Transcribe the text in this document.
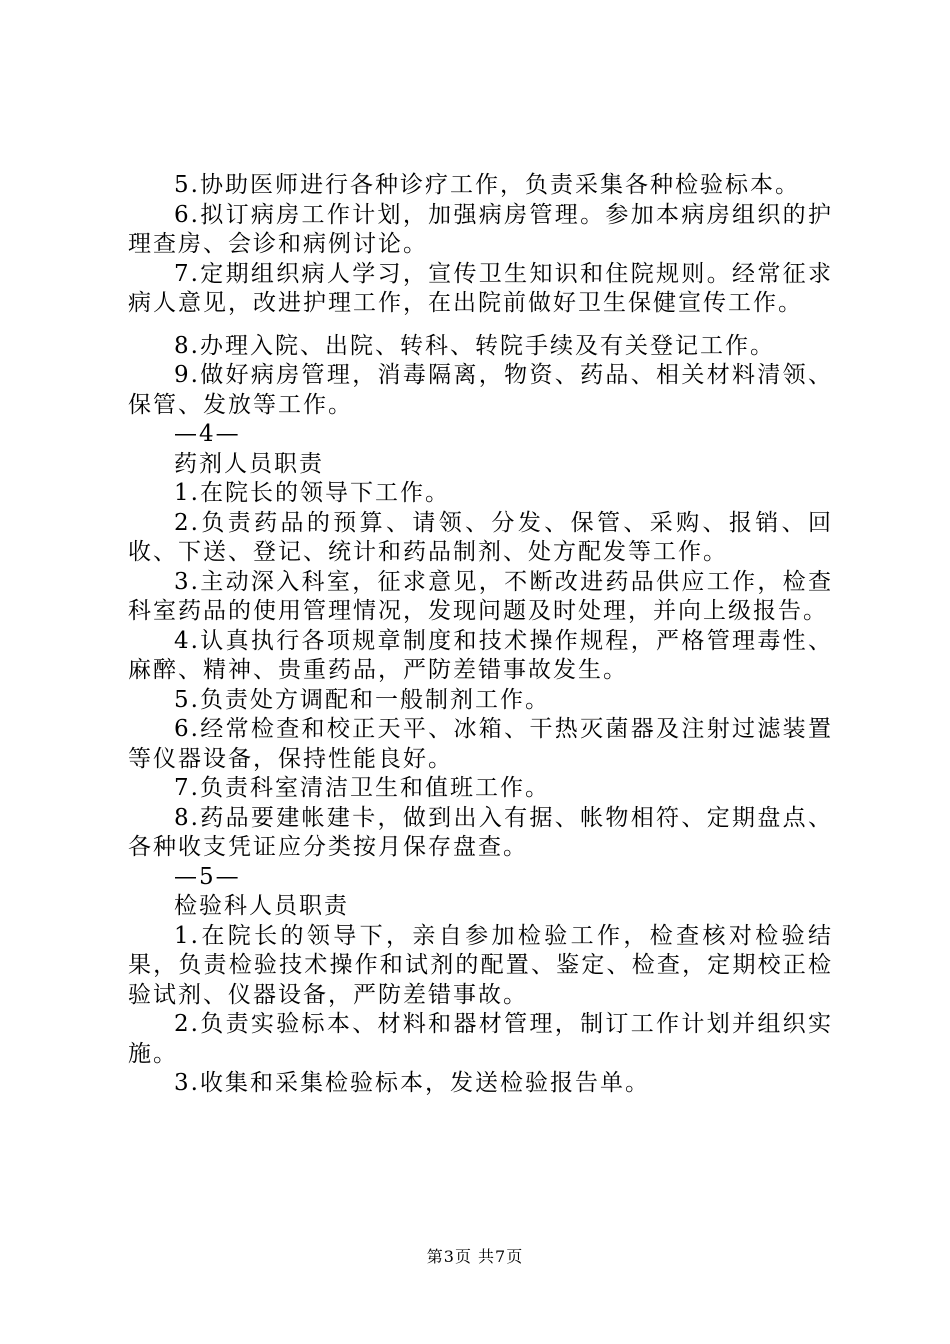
5.协助医师进行各种诊疗工作，负责采集各种检验标本。

6.拟订病房工作计划，加强病房管理。参加本病房组织的护理查房、会诊和病例讨论。

7.定期组织病人学习，宣传卫生知识和住院规则。经常征求病人意见，改进护理工作，在出院前做好卫生保健宣传工作。

8.办理入院、出院、转科、转院手续及有关登记工作。

9.做好病房管理，消毒隔离，物资、药品、相关材料清领、保管、发放等工作。

—4—

药剂人员职责

1.在院长的领导下工作。

2.负责药品的预算、请领、分发、保管、采购、报销、回收、下送、登记、统计和药品制剂、处方配发等工作。

3.主动深入科室，征求意见，不断改进药品供应工作，检查科室药品的使用管理情况，发现问题及时处理，并向上级报告。

4.认真执行各项规章制度和技术操作规程，严格管理毒性、麻醉、精神、贵重药品，严防差错事故发生。

5.负责处方调配和一般制剂工作。

6.经常检查和校正天平、冰箱、干热灭菌器及注射过滤装置等仪器设备，保持性能良好。

7.负责科室清洁卫生和值班工作。

8.药品要建帐建卡，做到出入有据、帐物相符、定期盘点、各种收支凭证应分类按月保存盘查。

—5—

检验科人员职责

1.在院长的领导下，亲自参加检验工作，检查核对检验结果，负责检验技术操作和试剂的配置、鉴定、检查，定期校正检验试剂、仪器设备，严防差错事故。

2.负责实验标本、材料和器材管理，制订工作计划并组织实施。

3.收集和采集检验标本，发送检验报告单。

第3页 共7页
